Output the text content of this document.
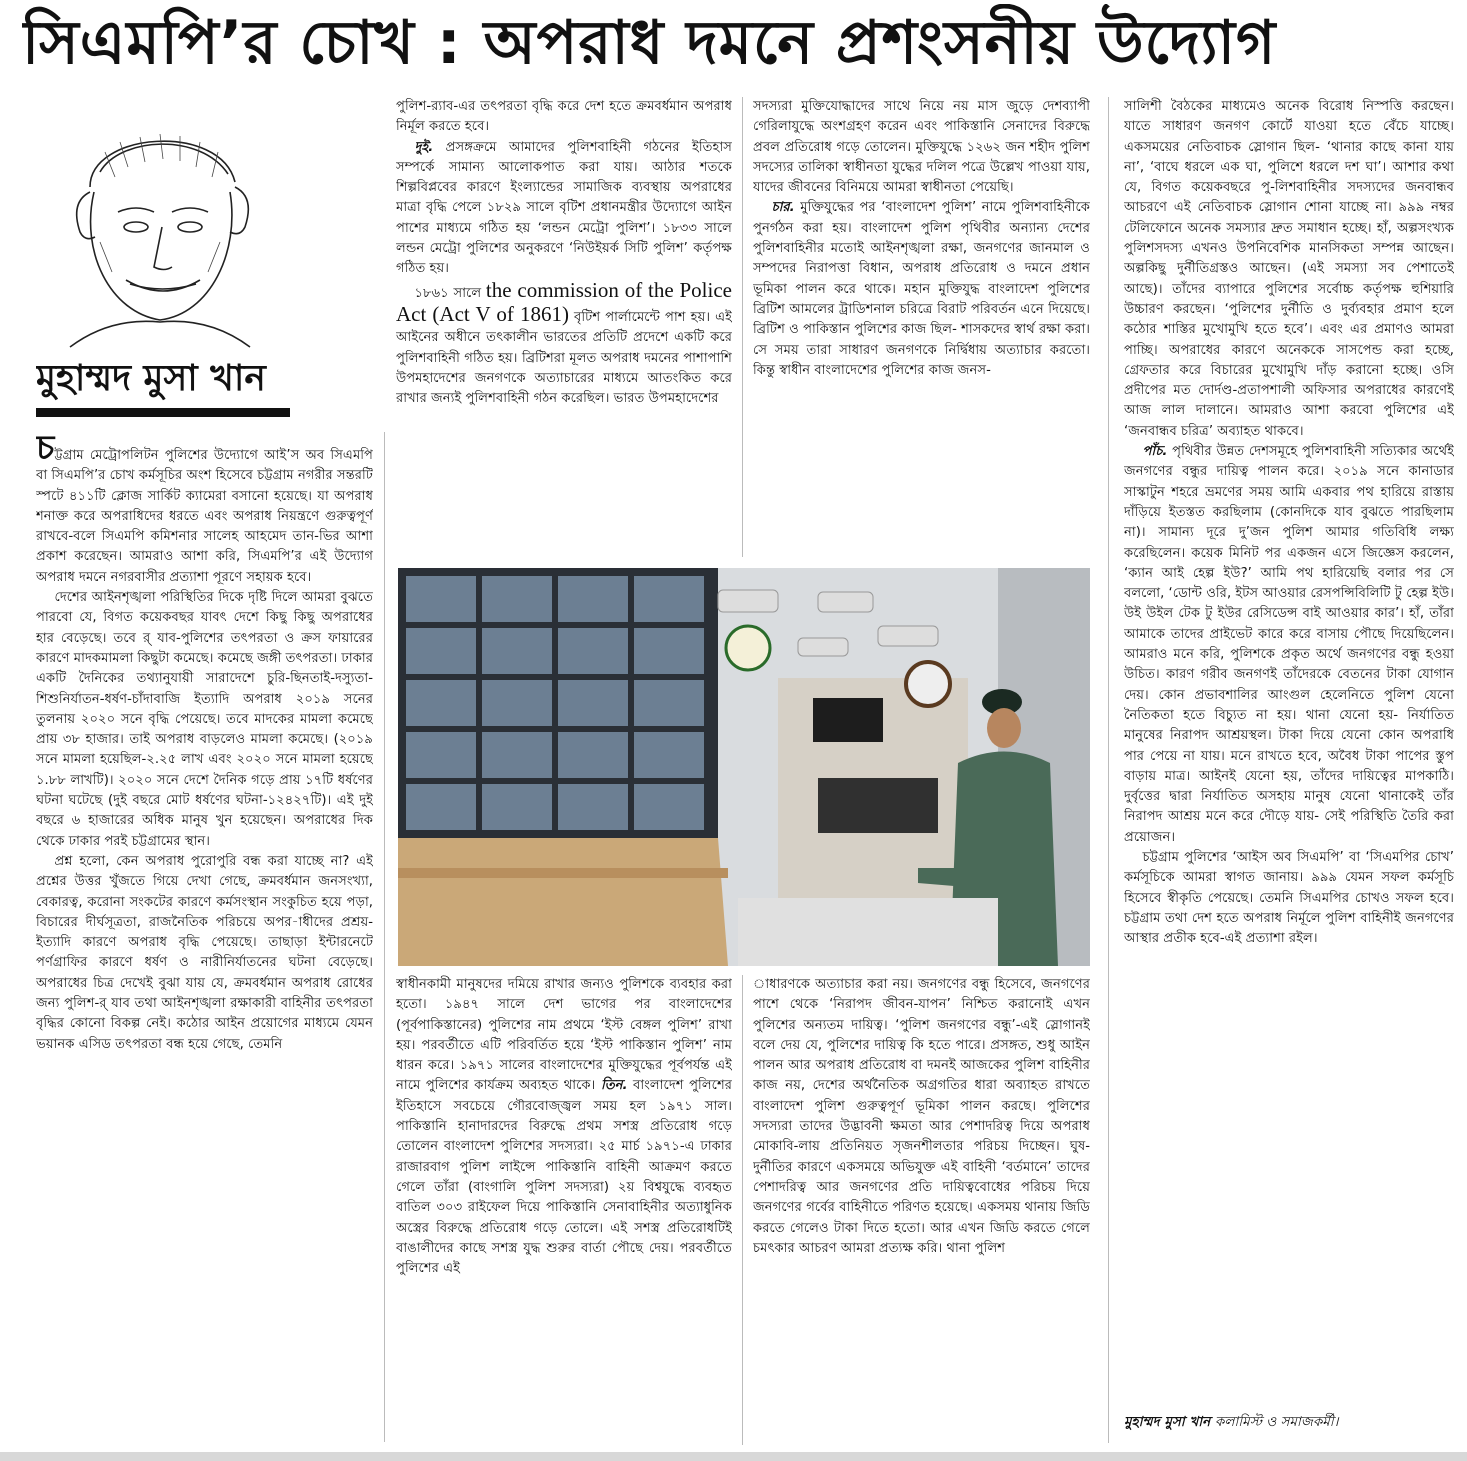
সিএমপি’র চোখ : অপরাধ দমনে প্রশংসনীয় উদ্যোগ
মুহাম্মদ মুসা খান

চট্টগ্রাম মেট্রোপলিটন পুলিশের উদ্যোগে আই’স অব সিএমপি বা সিএমপি’র চোখ কর্মসূচির অংশ হিসেবে চট্টগ্রাম নগরীর সন্তরটি স্পটে ৪১১টি ক্লোজ সার্কিট ক্যামেরা বসানো হয়েছে। যা অপরাধ শনাক্ত করে অপরাধিদের ধরতে এবং অপরাধ নিয়ন্ত্রণে গুরুত্বপূর্ণ রাখবে-বলে সিএমপি কমিশনার সালেহ আহমেদ তান-ভির আশা প্রকাশ করেছেন। আমরাও আশা করি, সিএমপি’র এই উদ্যোগ অপরাধ দমনে নগরবাসীর প্রত্যাশা পূরণে সহায়ক হবে।

দেশের আইনশৃঙ্খলা পরিস্থিতির দিকে দৃষ্টি দিলে আমরা বুঝতে পারবো যে, বিগত কয়েকবছর যাবৎ দেশে কিছু কিছু অপরাধের হার বেড়েছে। তবে র্ যাব-পুলিশের তৎপরতা ও ক্রস ফায়ারের কারণে মাদকমামলা কিছুটা কমেছে। কমেছে জঙ্গী তৎপরতা। ঢাকার একটি দৈনিকের তথ্যানুযায়ী সারাদেশে চুরি-ছিনতাই-দস্যুতা-শিশুনির্যাতন-ধর্ষণ-চাঁদাবাজি ইত্যাদি অপরাধ ২০১৯ সনের তুলনায় ২০২০ সনে বৃদ্ধি পেয়েছে। তবে মাদকের মামলা কমেছে প্রায় ৩৮ হাজার। তাই অপরাধ বাড়লেও মামলা কমেছে। (২০১৯ সনে মামলা হয়েছিল-২.২৫ লাখ এবং ২০২০ সনে মামলা হয়েছে ১.৮৮ লাখটি)। ২০২০ সনে দেশে দৈনিক গড়ে প্রায় ১৭টি ধর্ষণের ঘটনা ঘটেছে (দুই বছরে মোট ধর্ষণের ঘটনা-১২৪২৭টি)। এই দুই বছরে ৬ হাজারের অধিক মানুষ খুন হয়েছেন। অপরাধের দিক থেকে ঢাকার পরই চট্টগ্রামের স্থান।

প্রশ্ন হলো, কেন অপরাধ পুরোপুরি বন্ধ করা যাচ্ছে না? এই প্রশ্নের উত্তর খুঁজতে গিয়ে দেখা গেছে, ক্রমবর্ধমান জনসংখ্যা, বেকারত্ব, করোনা সংকটের কারণে কর্মসংস্থান সংকুচিত হয়ে পড়া, বিচারের দীর্ঘসূত্রতা, রাজনৈতিক পরিচয়ে অপর-াধীদের প্রশ্রয়-ইত্যাদি কারণে অপরাধ বৃদ্ধি পেয়েছে। তাছাড়া ইন্টারনেটে পর্ণগ্রাফির কারণে ধর্ষণ ও নারীনির্যাতনের ঘটনা বেড়েছে। অপরাধের চিত্র দেখেই বুঝা যায় যে, ক্রমবর্ধমান অপরাধ রোধের জন্য পুলিশ-র্ যাব তথা আইনশৃঙ্খলা রক্ষাকারী বাহিনীর তৎপরতা বৃদ্ধির কোনো বিকল্প নেই। কঠোর আইন প্রয়োগের মাধ্যমে যেমন ভয়ানক এসিড তৎপরতা বন্ধ হয়ে গেছে, তেমনি

পুলিশ-র‌্যাব-এর তৎপরতা বৃদ্ধি করে দেশ হতে ক্রমবর্ধমান অপরাধ নির্মূল করতে হবে।

দুই. প্রসঙ্গক্রমে আমাদের পুলিশবাহিনী গঠনের ইতিহাস সম্পর্কে সামান্য আলোকপাত করা যায়। আঠার শতকে শিল্পবিপ্লবের কারণে ইংল্যান্ডের সামাজিক ব্যবস্থায় অপরাধের মাত্রা বৃদ্ধি পেলে ১৮২৯ সালে বৃটিশ প্রধানমন্ত্রীর উদ্যোগে আইন পাশের মাধ্যমে গঠিত হয় ‘লন্ডন মেট্রো পুলিশ’। ১৮৩৩ সালে লন্ডন মেট্রো পুলিশের অনুকরণে ‘নিউইয়র্ক সিটি পুলিশ’ কর্তৃপক্ষ গঠিত হয়।

১৮৬১ সালে the commission of the Police Act (Act V of 1861) বৃটিশ পার্লামেন্টে পাশ হয়। এই আইনের অধীনে তৎকালীন ভারতের প্রতিটি প্রদেশে একটি করে পুলিশবাহিনী গঠিত হয়। ব্রিটিশরা মূলত অপরাধ দমনের পাশাপাশি উপমহাদেশের জনগণকে অত্যাচারের মাধ্যমে আতংকিত করে রাখার জন্যই পুলিশবাহিনী গঠন করেছিল। ভারত উপমহাদেশের

সদস্যরা মুক্তিযোদ্ধাদের সাথে নিয়ে নয় মাস জুড়ে দেশব্যাপী গেরিলাযুদ্ধে অংশগ্রহণ করেন এবং পাকিস্তানি সেনাদের বিরুদ্ধে প্রবল প্রতিরোধ গড়ে তোলেন। মুক্তিযুদ্ধে ১২৬২ জন শহীদ পুলিশ সদস্যের তালিকা স্বাধীনতা যুদ্ধের দলিল পত্রে উল্লেখ পাওয়া যায়, যাদের জীবনের বিনিময়ে আমরা স্বাধীনতা পেয়েছি।

চার. মুক্তিযুদ্ধের পর ‘বাংলাদেশ পুলিশ’ নামে পুলিশবাহিনীকে পুনর্গঠন করা হয়। বাংলাদেশ পুলিশ পৃথিবীর অন্যান্য দেশের পুলিশবাহিনীর মতোই আইনশৃঙ্খলা রক্ষা, জনগণের জানমাল ও সম্পদের নিরাপত্তা বিধান, অপরাধ প্রতিরোধ ও দমনে প্রধান ভূমিকা পালন করে থাকে। মহান মুক্তিযুদ্ধ বাংলাদেশ পুলিশের ব্রিটিশ আমলের ট্রাডিশনাল চরিত্রে বিরাট পরিবর্তন এনে দিয়েছে। ব্রিটিশ ও পাকিস্তান পুলিশের কাজ ছিল- শাসকদের স্বার্থ রক্ষা করা। সে সময় তারা সাধারণ জনগণকে নির্দ্বিধায় অত্যাচার করতো। কিন্তু স্বাধীন বাংলাদেশের পুলিশের কাজ জনস-

স্বাধীনকামী মানুষদের দমিয়ে রাখার জন্যও পুলিশকে ব্যবহার করা হতো। ১৯৪৭ সালে দেশ ভাগের পর বাংলাদেশের (পূর্বপাকিস্তানের) পুলিশের নাম প্রথমে ‘ইস্ট বেঙ্গল পুলিশ’ রাখা হয়। পরবর্তীতে এটি পরিবর্তিত হয়ে ‘ইস্ট পাকিস্তান পুলিশ’ নাম ধারন করে। ১৯৭১ সালের বাংলাদেশের মুক্তিযুদ্ধের পূর্বপর্যন্ত এই নামে পুলিশের কার্যক্রম অব্যহত থাকে। তিন. বাংলাদেশ পুলিশের ইতিহাসে সবচেয়ে গৌরবোজ্জ্বল সময় হল ১৯৭১ সাল। পাকিস্তানি হানাদারদের বিরুদ্ধে প্রথম সশস্ত্র প্রতিরোধ গড়ে তোলেন বাংলাদেশ পুলিশের সদস্যরা। ২৫ মার্চ ১৯৭১-এ ঢাকার রাজারবাগ পুলিশ লাইন্সে পাকিস্তানি বাহিনী আক্রমণ করতে গেলে তাঁরা (বাংগালি পুলিশ সদস্যরা) ২য় বিশ্বযুদ্ধে ব্যবহৃত বাতিল ৩০৩ রাইফেল দিয়ে পাকিস্তানি সেনাবাহিনীর অত্যাধুনিক অস্ত্রের বিরুদ্ধে প্রতিরোধ গড়ে তোলে। এই সশস্ত্র প্রতিরোধটিই বাঙালীদের কাছে সশস্ত্র যুদ্ধ শুরুর বার্তা পৌছে দেয়। পরবর্তীতে পুলিশের এই

াধারণকে অত্যাচার করা নয়। জনগণের বন্ধু হিসেবে, জনগণের পাশে থেকে ‘নিরাপদ জীবন-যাপন’ নিশ্চিত করানোই এখন পুলিশের অন্যতম দায়িত্ব। ‘পুলিশ জনগণের বন্ধু’-এই স্লোগানই বলে দেয় যে, পুলিশের দায়িত্ব কি হতে পারে। প্রসঙ্গত, শুধু আইন পালন আর অপরাধ প্রতিরোধ বা দমনই আজকের পুলিশ বাহিনীর কাজ নয়, দেশের অর্থনৈতিক অগ্রগতির ধারা অব্যাহত রাখতে বাংলাদেশ পুলিশ গুরুত্বপূর্ণ ভূমিকা পালন করছে। পুলিশের সদস্যরা তাদের উদ্ভাবনী ক্ষমতা আর পেশাদরিত্ব দিয়ে অপরাধ মোকাবি-লায় প্রতিনিয়ত সৃজনশীলতার পরিচয় দিচ্ছেন। ঘুষ-দুর্নীতির কারণে একসময়ে অভিযুক্ত এই বাহিনী ‘বর্তমানে’ তাদের পেশাদরিত্ব আর জনগণের প্রতি দায়িত্ববোধের পরিচয় দিয়ে জনগণের গর্বের বাহিনীতে পরিণত হয়েছে। একসময় থানায় জিডি করতে গেলেও টাকা দিতে হতো। আর এখন জিডি করতে গেলে চমৎকার আচরণ আমরা প্রত্যক্ষ করি। থানা পুলিশ

সালিশী বৈঠকের মাধ্যমেও অনেক বিরোধ নিস্পত্তি করছেন। যাতে সাধারণ জনগণ কোর্টে যাওয়া হতে বেঁচে যাচ্ছে। একসময়ের নেতিবাচক স্লোগান ছিল- ‘থানার কাছে কানা যায় না’, ‘বাঘে ধরলে এক ঘা, পুলিশে ধরলে দশ ঘা’। আশার কথা যে, বিগত কয়েকবছরে পু-লিশবাহিনীর সদস্যদের জনবান্ধব আচরণে এই নেতিবাচক স্লোগান শোনা যাচ্ছে না। ৯৯৯ নম্বর টেলিফোনে অনেক সমস্যার দ্রুত সমাধান হচ্ছে। হাঁ, অল্পসংখ্যক পুলিশসদস্য এখনও উপনিবেশিক মানসিকতা সম্পন্ন আছেন। অল্পকিছু দুর্নীতিগ্রস্তও আছেন। (এই সমস্যা সব পেশাতেই আছে)। তাঁদের ব্যাপারে পুলিশের সর্বোচ্চ কর্তৃপক্ষ হুশিয়ারি উচ্চারণ করছেন। ‘পুলিশের দুর্নীতি ও দুর্ব্যবহার প্রমাণ হলে কঠোর শাস্তির মুখোমুখি হতে হবে’। এবং এর প্রমাণও আমরা পাচ্ছি। অপরাধের কারণে অনেককে সাসপেন্ড করা হচ্ছে, গ্রেফতার করে বিচারের মুখোমুখি দাঁড় করানো হচ্ছে। ওসি প্রদীপের মত দোর্দণ্ড-প্রতাপশালী অফিসার অপরাধের কারণেই আজ লাল দালানে। আমরাও আশা করবো পুলিশের এই ‘জনবান্ধব চরিত্র’ অব্যাহত থাকবে।

পাঁচ. পৃথিবীর উন্নত দেশসমূহে পুলিশবাহিনী সত্যিকার অর্থেই জনগণের বন্ধুর দায়িত্ব পালন করে। ২০১৯ সনে কানাডার সাস্কাটুন শহরে ভ্রমণের সময় আমি একবার পথ হারিয়ে রাস্তায় দাঁড়িয়ে ইতস্তত করছিলাম (কোনদিকে যাব বুঝতে পারছিলাম না)। সামান্য দূরে দু’জন পুলিশ আমার গতিবিধি লক্ষ্য করেছিলেন। কয়েক মিনিট পর একজন এসে জিজ্ঞেস করলেন, ‘ক্যান আই হেল্প ইউ?’ আমি পথ হারিয়েছি বলার পর সে বললো, ‘ডোন্ট ওরি, ইটস আওয়ার রেসপন্সিবিলিটি টু হেল্প ইউ। উই উইল টেক টু ইউর রেসিডেন্স বাই আওয়ার কার’। হাঁ, তাঁরা আমাকে তাদের প্রাইভেট কারে করে বাসায় পৌছে দিয়েছিলেন। আমরাও মনে করি, পুলিশকে প্রকৃত অর্থে জনগণের বন্ধু হওয়া উচিত। কারণ গরীব জনগণই তাঁদেরকে বেতনের টাকা যোগান দেয়। কোন প্রভাবশালির আংগুল হেলেনিতে পুলিশ যেনো নৈতিকতা হতে বিচ্যুত না হয়। থানা যেনো হয়- নির্যাতিত মানুষের নিরাপদ আশ্রয়স্থল। টাকা দিয়ে যেনো কোন অপরাধি পার পেয়ে না যায়। মনে রাখতে হবে, অবৈধ টাকা পাপের স্তুপ বাড়ায় মাত্র। আইনই যেনো হয়, তাঁদের দায়িত্বের মাপকাঠি। দুর্বৃত্তের দ্বারা নির্যাতিত অসহায় মানুষ যেনো থানাকেই তাঁর নিরাপদ আশ্রয় মনে করে দৌড়ে যায়- সেই পরিস্থিতি তৈরি করা প্রয়োজন।

চট্টগ্রাম পুলিশের ‘আইস অব সিএমপি’ বা ‘সিএমপির চোখ’ কর্মসূচিকে আমরা স্বাগত জানায়। ৯৯৯ যেমন সফল কর্মসূচি হিসেবে স্বীকৃতি পেয়েছে। তেমনি সিএমপির চোখও সফল হবে। চট্টগ্রাম তথা দেশ হতে অপরাধ নির্মূলে পুলিশ বাহিনীই জনগণের আস্থার প্রতীক হবে-এই প্রত্যাশা রইল।

মুহাম্মদ মুসা খান কলামিস্ট ও সমাজকর্মী।
